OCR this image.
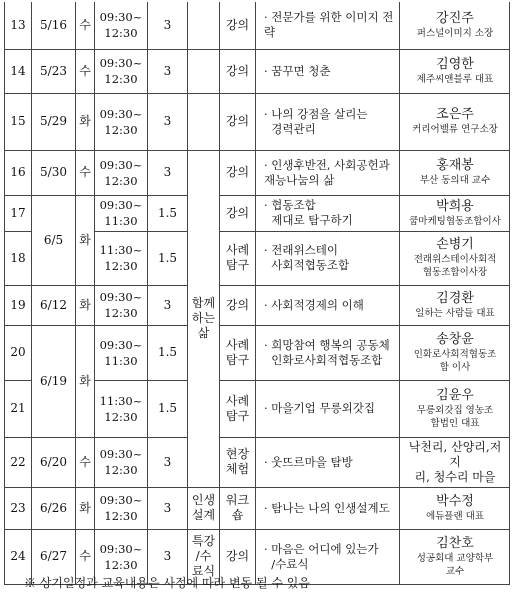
13	5/16	수	09:30~
12:30	3		강의	· 전문가를 위한 이미지 전략	강진주
퍼스널이미지 소장

14	5/23	수	09:30~
12:30	3		강의	· 꿈꾸면 청춘	김영한
제주씨앤블루 대표

15	5/29	화	09:30~
12:30	3		강의	· 나의 강점을 살리는
경력관리	조은주
커리어밸류 연구소장

16	5/30	수	09:30~
12:30	3	함께
하는
삶	강의	· 인생후반전, 사회공헌과 재능나눔의 삶	홍재봉
부산 동의대 교수

17	6/5	화	09:30~
11:30	1.5		강의	· 협동조합
제대로 탐구하기	박희용
쿱마케팅협동조합이사

18			11:30~
12:30	1.5		사례
탐구	· 전래위스테이
사회적협동조합	손병기
전래위스테이사회적
협동조합이사장

19	6/12	화	09:30~
12:30	3		강의	· 사회적경제의 이해	김경환
일하는 사람들 대표

20	6/19	화	09:30~
11:30	1.5		사례
탐구	· 희망참여 행복의 공동체
인화로사회적협동조합	송창윤
인화로사회적협동조
합 이사

21			11:30~
12:30	1.5		사례
탐구	· 마을기업 무릉외갓집	김윤우
무릉외갓집 영농조
합법인 대표

22	6/20	수	09:30~
12:30	3		현장
체험	· 웃뜨르마을 탐방	낙천리, 산양리,저지
리, 청수리 마을
23	6/26	화	09:30~
12:30	3	인생
설계	워크
숍	· 탐나는 나의 인생설계도	박수정
에듀플랜 대표

24	6/27	수	09:30~
12:30	3	특강
/수
료식	강의	· 마음은 어디에 있는가
/수료식	김찬호
성공회대 교양학부
교수
※ 상기일정과 교육내용은 사정에 따라 변동 될 수 있음
